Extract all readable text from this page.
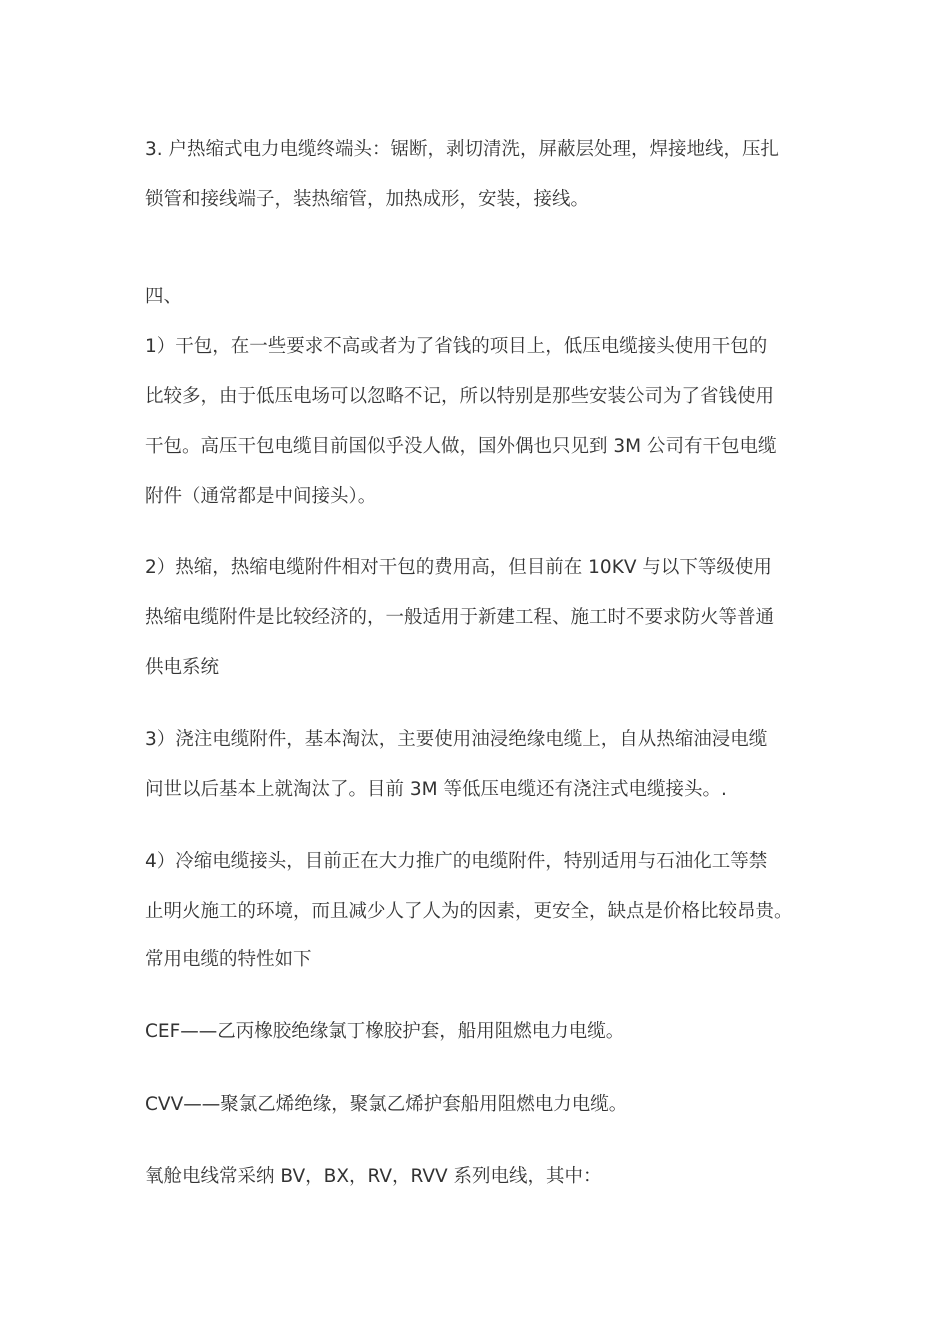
3. 户热缩式电力电缆终端头：锯断，剥切清洗，屏蔽层处理，焊接地线，压扎
锁管和接线端子，装热缩管，加热成形，安装，接线。
四、
1）干包，在一些要求不高或者为了省钱的项目上，低压电缆接头使用干包的
比较多，由于低压电场可以忽略不记，所以特别是那些安装公司为了省钱使用
干包。高压干包电缆目前国似乎没人做，国外偶也只见到 3M 公司有干包电缆
附件（通常都是中间接头）。
2）热缩，热缩电缆附件相对干包的费用高，但目前在 10KV 与以下等级使用
热缩电缆附件是比较经济的，一般适用于新建工程、施工时不要求防火等普通
供电系统
3）浇注电缆附件，基本淘汰，主要使用油浸绝缘电缆上，自从热缩油浸电缆
问世以后基本上就淘汰了。目前 3M 等低压电缆还有浇注式电缆接头。.
4）冷缩电缆接头，目前正在大力推广的电缆附件，特别适用与石油化工等禁
止明火施工的环境，而且减少人了人为的因素，更安全，缺点是价格比较昂贵。
常用电缆的特性如下
CEF——乙丙橡胶绝缘氯丁橡胶护套，船用阻燃电力电缆。
CVV——聚氯乙烯绝缘，聚氯乙烯护套船用阻燃电力电缆。
氧舱电线常采纳 BV，BX，RV，RVV 系列电线，其中：
